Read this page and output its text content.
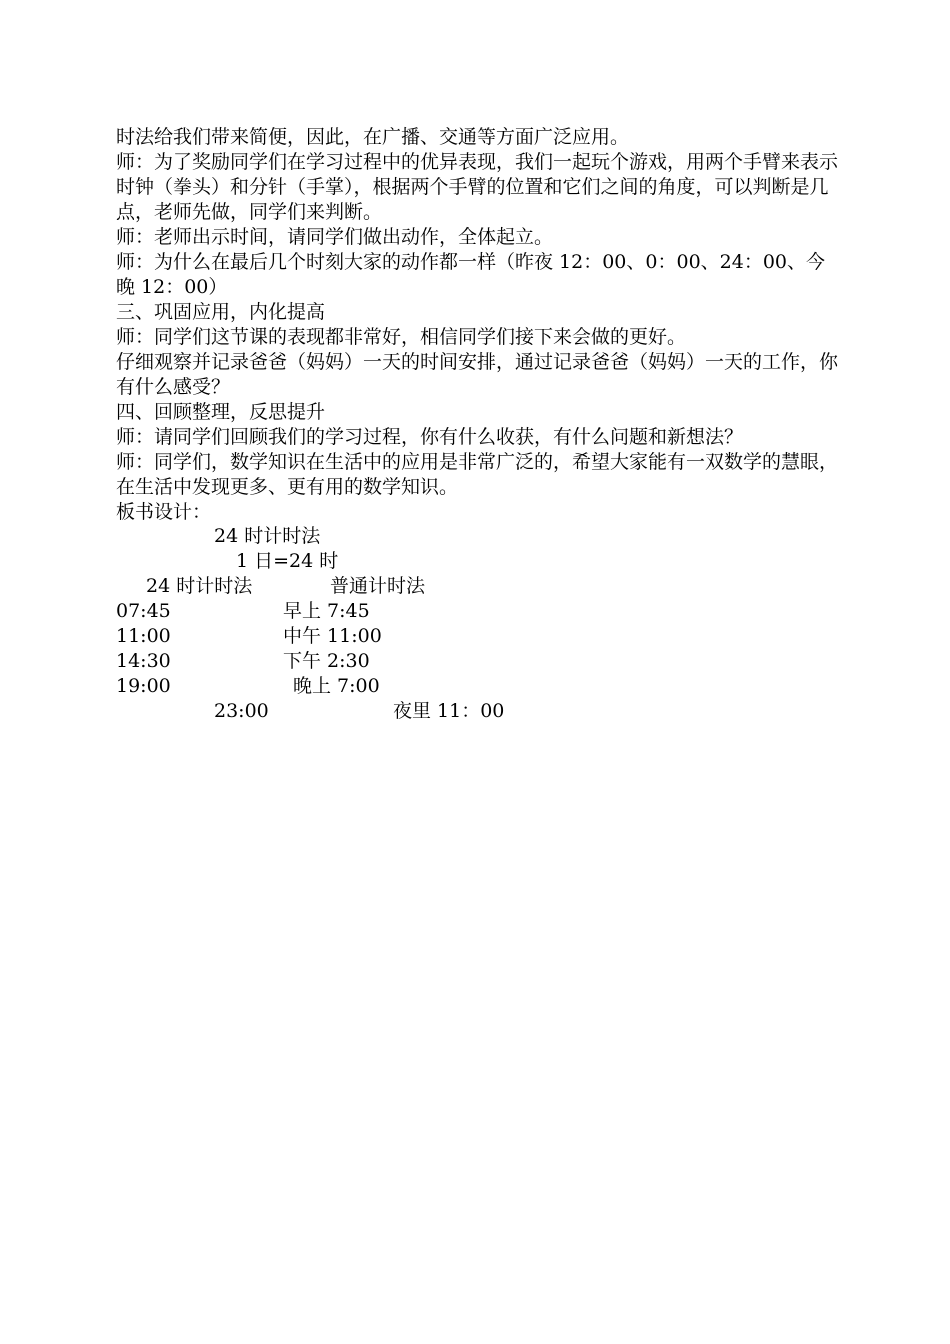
时法给我们带来简便，因此，在广播、交通等方面广泛应用。

师：为了奖励同学们在学习过程中的优异表现，我们一起玩个游戏，用两个手臂来表示时钟（拳头）和分针（手掌），根据两个手臂的位置和它们之间的角度，可以判断是几点，老师先做，同学们来判断。

师：老师出示时间，请同学们做出动作，全体起立。

师：为什么在最后几个时刻大家的动作都一样（昨夜 12：00、0：00、24：00、今晚 12：00）

三、巩固应用，内化提高

师：同学们这节课的表现都非常好，相信同学们接下来会做的更好。

仔细观察并记录爸爸（妈妈）一天的时间安排，通过记录爸爸（妈妈）一天的工作，你有什么感受？

四、回顾整理，反思提升

师：请同学们回顾我们的学习过程，你有什么收获，有什么问题和新想法？

师：同学们，数学知识在生活中的应用是非常广泛的，希望大家能有一双数学的慧眼，在生活中发现更多、更有用的数学知识。

板书设计：

24 时计时法
1 日=24 时
24 时计时法	普通计时法
07:45	早上 7:45
11:00	中午 11:00
14:30	下午 2:30
19:00	晚上 7:00
23:00	夜里 11：00
